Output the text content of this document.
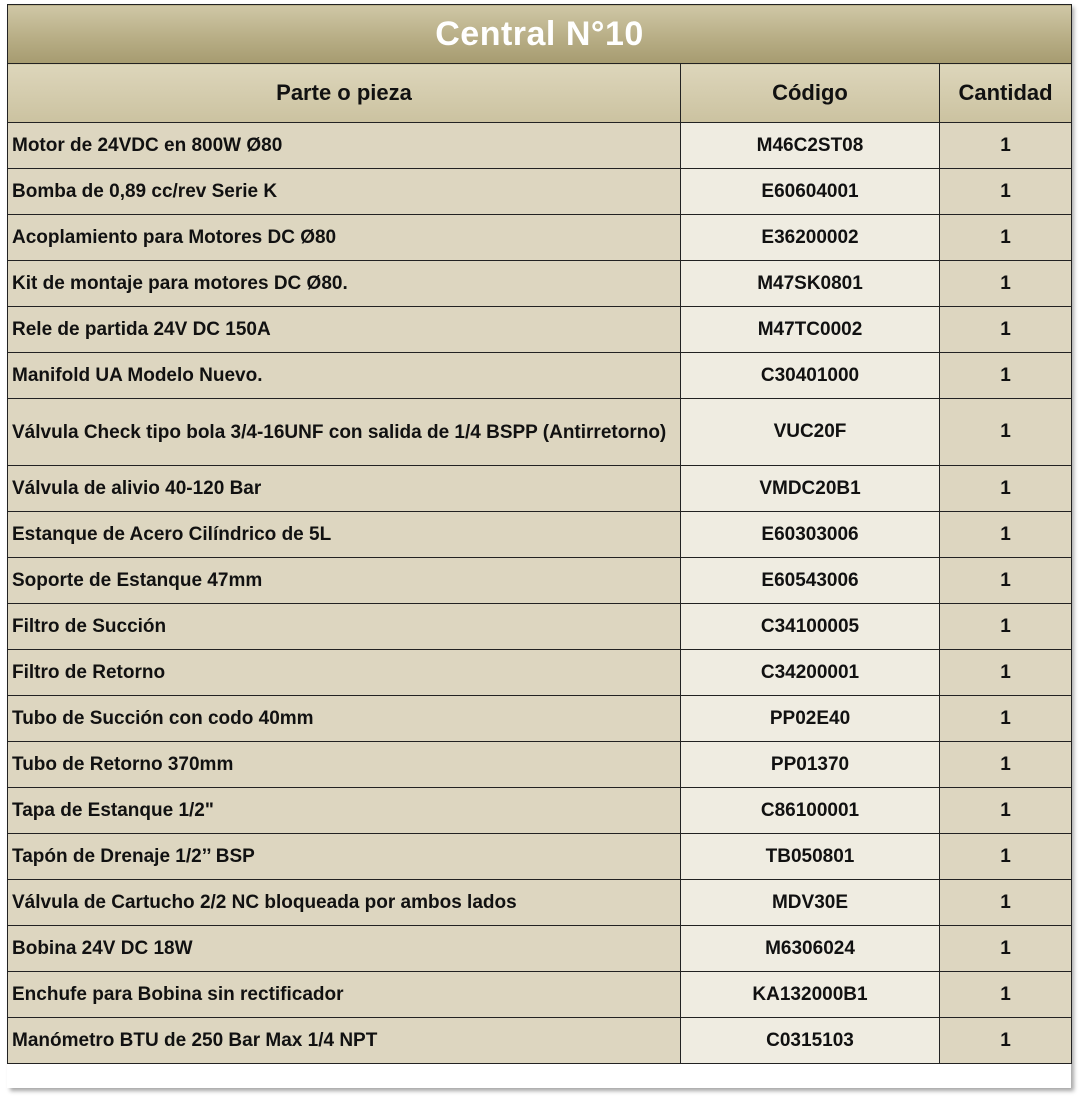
Central N°10		
Parte o pieza	Código	Cantidad
Motor de 24VDC en 800W Ø80	M46C2ST08	1
Bomba de 0,89 cc/rev Serie K	E60604001	1
Acoplamiento para Motores DC Ø80	E36200002	1
Kit de montaje para motores DC Ø80.	M47SK0801	1
Rele de partida 24V DC 150A	M47TC0002	1
Manifold UA Modelo Nuevo.	C30401000	1
Válvula Check tipo bola 3/4-16UNF con salida de 1/4 BSPP (Antirretorno)	VUC20F	1
Válvula de alivio 40-120 Bar	VMDC20B1	1
Estanque de Acero Cilíndrico de 5L	E60303006	1
Soporte de Estanque 47mm	E60543006	1
Filtro de Succión	C34100005	1
Filtro de Retorno	C34200001	1
Tubo de Succión con codo 40mm	PP02E40	1
Tubo de Retorno 370mm	PP01370	1
Tapa de Estanque 1/2"	C86100001	1
Tapón de Drenaje 1/2’’ BSP	TB050801	1
Válvula de Cartucho 2/2 NC bloqueada por ambos lados	MDV30E	1
Bobina 24V DC 18W	M6306024	1
Enchufe para Bobina sin rectificador	KA132000B1	1
Manómetro BTU de 250 Bar Max 1/4 NPT	C0315103	1
